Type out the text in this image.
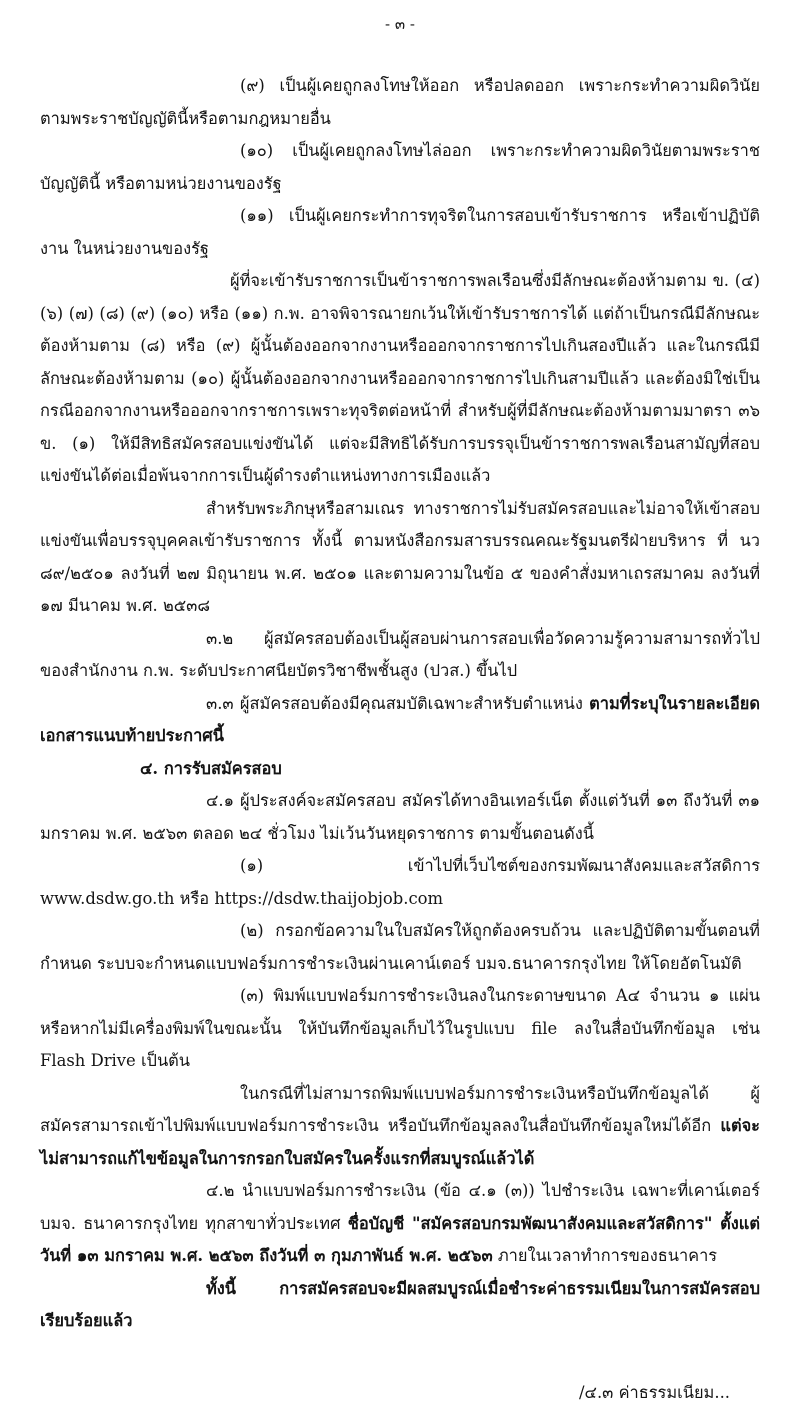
- ๓ -

(๙) เป็นผู้เคยถูกลงโทษให้ออก หรือปลดออก เพราะกระทำความผิดวินัย ตามพระราชบัญญัตินี้หรือตามกฎหมายอื่น

(๑๐) เป็นผู้เคยถูกลงโทษไล่ออก เพราะกระทำความผิดวินัยตามพระราชบัญญัตินี้ หรือตามหน่วยงานของรัฐ

(๑๑) เป็นผู้เคยกระทำการทุจริตในการสอบเข้ารับราชการ หรือเข้าปฏิบัติงาน ในหน่วยงานของรัฐ

ผู้ที่จะเข้ารับราชการเป็นข้าราชการพลเรือนซึ่งมีลักษณะต้องห้ามตาม ข. (๔) (๖) (๗) (๘) (๙) (๑๐) หรือ (๑๑) ก.พ. อาจพิจารณายกเว้นให้เข้ารับราชการได้ แต่ถ้าเป็นกรณีมีลักษณะต้องห้ามตาม (๘) หรือ (๙) ผู้นั้นต้องออกจากงานหรือออกจากราชการไปเกินสองปีแล้ว และในกรณีมีลักษณะต้องห้ามตาม (๑๐) ผู้นั้นต้องออกจากงานหรือออกจากราชการไปเกินสามปีแล้ว และต้องมิใช่เป็นกรณีออกจากงานหรือออกจากราชการเพราะทุจริตต่อหน้าที่ สำหรับผู้ที่มีลักษณะต้องห้ามตามมาตรา ๓๖ ข. (๑) ให้มีสิทธิสมัครสอบแข่งขันได้ แต่จะมีสิทธิได้รับการบรรจุเป็นข้าราชการพลเรือนสามัญที่สอบแข่งขันได้ต่อเมื่อพ้นจากการเป็นผู้ดำรงตำแหน่งทางการเมืองแล้ว

สำหรับพระภิกษุหรือสามเณร ทางราชการไม่รับสมัครสอบและไม่อาจให้เข้าสอบแข่งขันเพื่อบรรจุบุคคลเข้ารับราชการ ทั้งนี้ ตามหนังสือกรมสารบรรณคณะรัฐมนตรีฝ่ายบริหาร ที่ นว ๘๙/๒๕๐๑ ลงวันที่ ๒๗ มิถุนายน พ.ศ. ๒๕๐๑ และตามความในข้อ ๕ ของคำสั่งมหาเถรสมาคม ลงวันที่ ๑๗ มีนาคม พ.ศ. ๒๕๓๘

๓.๒ ผู้สมัครสอบต้องเป็นผู้สอบผ่านการสอบเพื่อวัดความรู้ความสามารถทั่วไปของสำนักงาน ก.พ. ระดับประกาศนียบัตรวิชาชีพชั้นสูง (ปวส.) ขึ้นไป

๓.๓ ผู้สมัครสอบต้องมีคุณสมบัติเฉพาะสำหรับตำแหน่ง ตามที่ระบุในรายละเอียดเอกสารแนบท้ายประกาศนี้

๔. การรับสมัครสอบ

๔.๑ ผู้ประสงค์จะสมัครสอบ สมัครได้ทางอินเทอร์เน็ต ตั้งแต่วันที่ ๑๓ ถึงวันที่ ๓๑ มกราคม พ.ศ. ๒๕๖๓ ตลอด ๒๔ ชั่วโมง ไม่เว้นวันหยุดราชการ ตามขั้นตอนดังนี้

(๑) เข้าไปที่เว็บไซต์ของกรมพัฒนาสังคมและสวัสดิการ www.dsdw.go.th หรือ https://dsdw.thaijobjob.com

(๒) กรอกข้อความในใบสมัครให้ถูกต้องครบถ้วน และปฏิบัติตามขั้นตอนที่กำหนด ระบบจะกำหนดแบบฟอร์มการชำระเงินผ่านเคาน์เตอร์ บมจ.ธนาคารกรุงไทย ให้โดยอัตโนมัติ

(๓) พิมพ์แบบฟอร์มการชำระเงินลงในกระดาษขนาด A๔ จำนวน ๑ แผ่น หรือหากไม่มีเครื่องพิมพ์ในขณะนั้น ให้บันทึกข้อมูลเก็บไว้ในรูปแบบ file ลงในสื่อบันทึกข้อมูล เช่น Flash Drive เป็นต้น

ในกรณีที่ไม่สามารถพิมพ์แบบฟอร์มการชำระเงินหรือบันทึกข้อมูลได้ ผู้สมัครสามารถเข้าไปพิมพ์แบบฟอร์มการชำระเงิน หรือบันทึกข้อมูลลงในสื่อบันทึกข้อมูลใหม่ได้อีก แต่จะไม่สามารถแก้ไขข้อมูลในการกรอกใบสมัครในครั้งแรกที่สมบูรณ์แล้วได้

๔.๒ นำแบบฟอร์มการชำระเงิน (ข้อ ๔.๑ (๓)) ไปชำระเงิน เฉพาะที่เคาน์เตอร์ บมจ. ธนาคารกรุงไทย ทุกสาขาทั่วประเทศ ชื่อบัญชี "สมัครสอบกรมพัฒนาสังคมและสวัสดิการ" ตั้งแต่วันที่ ๑๓ มกราคม พ.ศ. ๒๕๖๓ ถึงวันที่ ๓ กุมภาพันธ์ พ.ศ. ๒๕๖๓ ภายในเวลาทำการของธนาคาร

ทั้งนี้ การสมัครสอบจะมีผลสมบูรณ์เมื่อชำระค่าธรรมเนียมในการสมัครสอบเรียบร้อยแล้ว

/๔.๓ ค่าธรรมเนียม...
